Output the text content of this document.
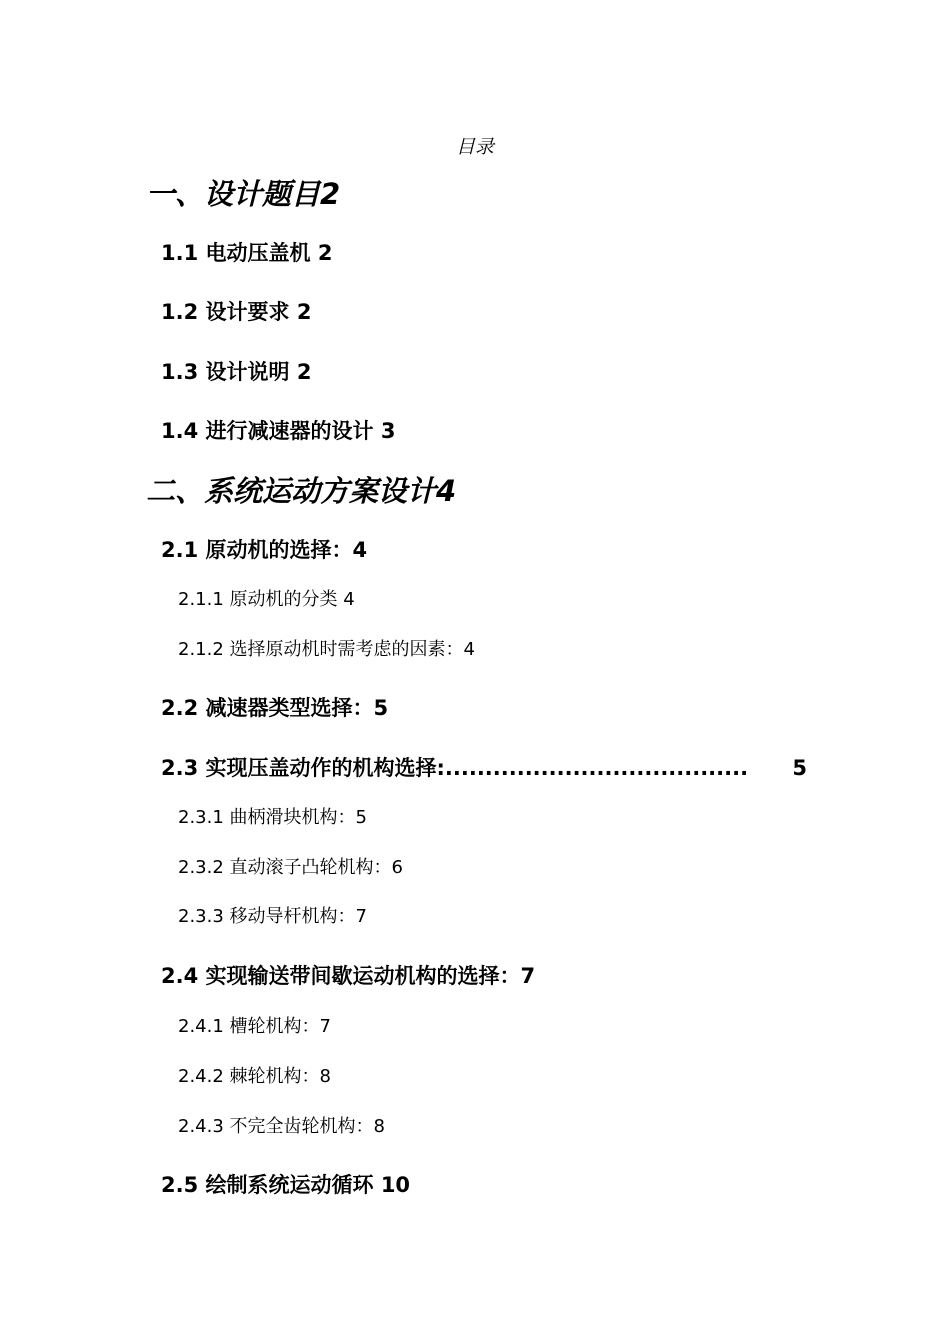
目录
一、设计题目2
1.1 电动压盖机 2
1.2 设计要求 2
1.3 设计说明 2
1.4 进行减速器的设计 3
二、系统运动方案设计4
2.1 原动机的选择：4
2.1.1 原动机的分类 4
2.1.2 选择原动机时需考虑的因素：4
2.2 减速器类型选择：5
2.3 实现压盖动作的机构选择: ......................................	5
2.3.1 曲柄滑块机构：5
2.3.2 直动滚子凸轮机构：6
2.3.3 移动导杆机构：7
2.4 实现输送带间歇运动机构的选择：7
2.4.1 槽轮机构：7
2.4.2 棘轮机构：8
2.4.3 不完全齿轮机构：8
2.5 绘制系统运动循环 10
